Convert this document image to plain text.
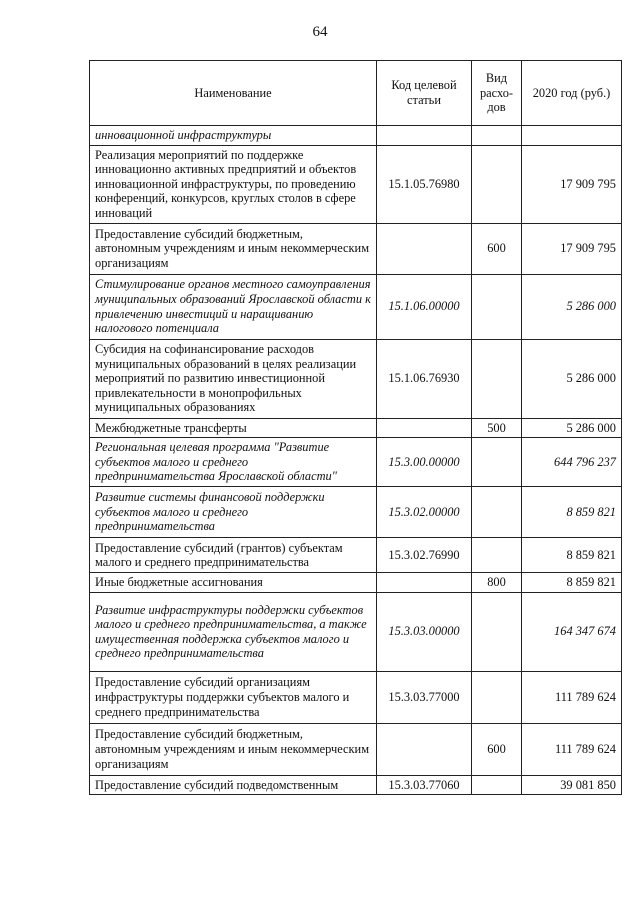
64
Наименование	Код целевой статьи	Вид расхо-дов	2020 год (руб.)
инновационной инфраструктуры			
Реализация мероприятий по поддержке инновационно активных предприятий и объектов инновационной инфраструктуры, по проведению конференций, конкурсов, круглых столов в сфере инноваций	15.1.05.76980		17 909 795
Предоставление субсидий бюджетным, автономным учреждениям и иным некоммерческим организациям		600	17 909 795
Стимулирование органов местного самоуправления муниципальных образований Ярославской области к привлечению инвестиций и наращиванию налогового потенциала	15.1.06.00000		5 286 000
Субсидия на софинансирование расходов муниципальных образований в целях реализации мероприятий по развитию инвестиционной привлекательности в монопрофильных муниципальных образованиях	15.1.06.76930		5 286 000
Межбюджетные трансферты		500	5 286 000
Региональная целевая программа "Развитие субъектов малого и среднего предпринимательства Ярославской области"	15.3.00.00000		644 796 237
Развитие системы финансовой поддержки субъектов малого и среднего предпринимательства	15.3.02.00000		8 859 821
Предоставление субсидий (грантов) субъектам малого и среднего предпринимательства	15.3.02.76990		8 859 821
Иные бюджетные ассигнования		800	8 859 821
Развитие инфраструктуры поддержки субъектов малого и среднего предпринимательства, а также имущественная поддержка субъектов малого и среднего предпринимательства	15.3.03.00000		164 347 674
Предоставление субсидий организациям инфраструктуры поддержки субъектов малого и среднего предпринимательства	15.3.03.77000		111 789 624
Предоставление субсидий бюджетным, автономным учреждениям и иным некоммерческим организациям		600	111 789 624
Предоставление субсидий подведомственным	15.3.03.77060		39 081 850
